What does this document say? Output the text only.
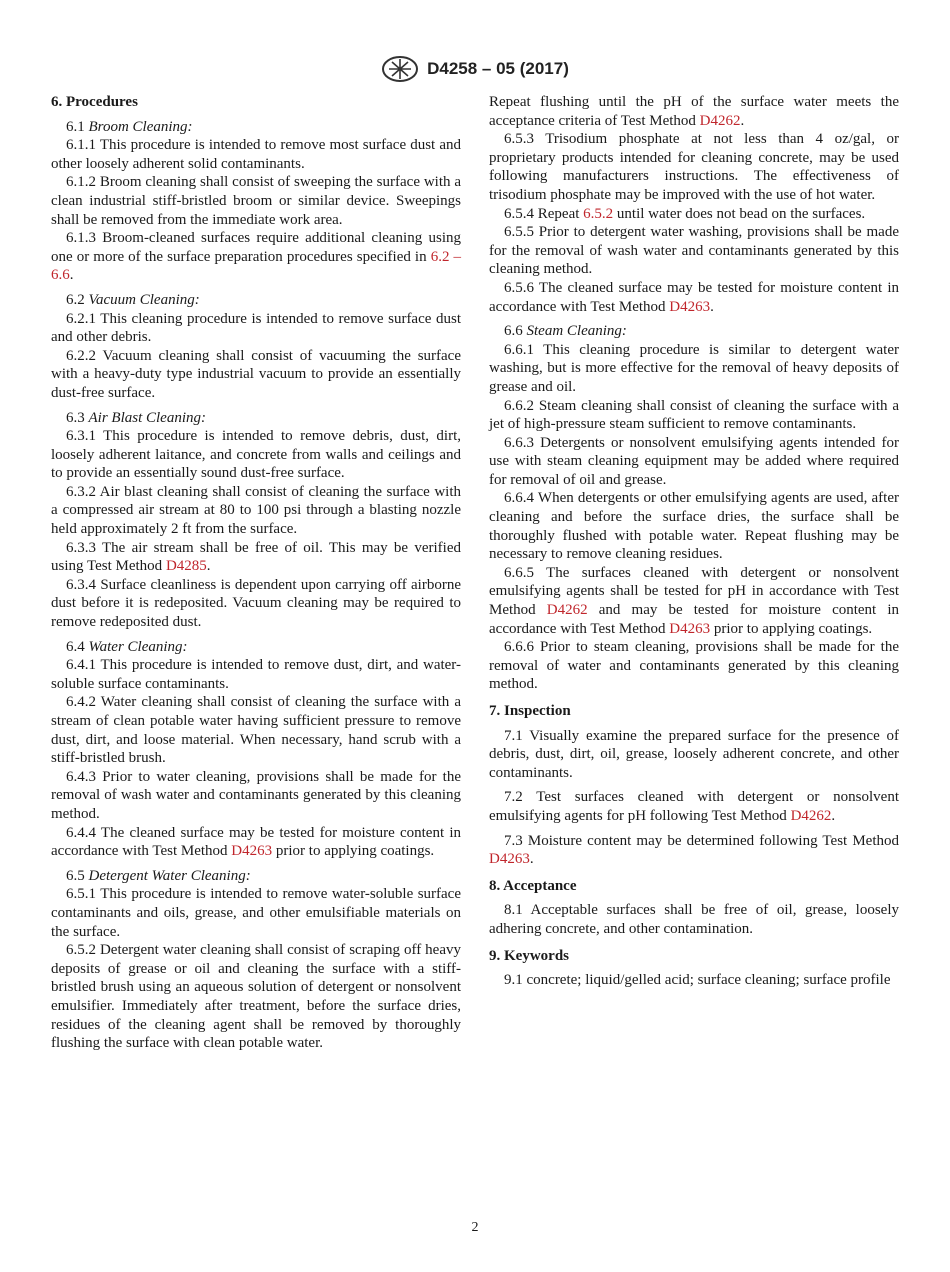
D4258 – 05 (2017)
6. Procedures

6.1 Broom Cleaning:

6.1.1 This procedure is intended to remove most surface dust and other loosely adherent solid contaminants.

6.1.2 Broom cleaning shall consist of sweeping the surface with a clean industrial stiff-bristled broom or similar device. Sweepings shall be removed from the immediate work area.

6.1.3 Broom-cleaned surfaces require additional cleaning using one or more of the surface preparation procedures specified in 6.2 – 6.6.

6.2 Vacuum Cleaning:

6.2.1 This cleaning procedure is intended to remove surface dust and other debris.

6.2.2 Vacuum cleaning shall consist of vacuuming the surface with a heavy-duty type industrial vacuum to provide an essentially dust-free surface.

6.3 Air Blast Cleaning:

6.3.1 This procedure is intended to remove debris, dust, dirt, loosely adherent laitance, and concrete from walls and ceilings and to provide an essentially sound dust-free surface.

6.3.2 Air blast cleaning shall consist of cleaning the surface with a compressed air stream at 80 to 100 psi through a blasting nozzle held approximately 2 ft from the surface.

6.3.3 The air stream shall be free of oil. This may be verified using Test Method D4285.

6.3.4 Surface cleanliness is dependent upon carrying off airborne dust before it is redeposited. Vacuum cleaning may be required to remove redeposited dust.

6.4 Water Cleaning:

6.4.1 This procedure is intended to remove dust, dirt, and water-soluble surface contaminants.

6.4.2 Water cleaning shall consist of cleaning the surface with a stream of clean potable water having sufficient pressure to remove dust, dirt, and loose material. When necessary, hand scrub with a stiff-bristled brush.

6.4.3 Prior to water cleaning, provisions shall be made for the removal of wash water and contaminants generated by this cleaning method.

6.4.4 The cleaned surface may be tested for moisture content in accordance with Test Method D4263 prior to applying coatings.

6.5 Detergent Water Cleaning:

6.5.1 This procedure is intended to remove water-soluble surface contaminants and oils, grease, and other emulsifiable materials on the surface.

6.5.2 Detergent water cleaning shall consist of scraping off heavy deposits of grease or oil and cleaning the surface with a stiff-bristled brush using an aqueous solution of detergent or nonsolvent emulsifier. Immediately after treatment, before the surface dries, residues of the cleaning agent shall be removed by thoroughly flushing the surface with clean potable water.

Repeat flushing until the pH of the surface water meets the acceptance criteria of Test Method D4262.

6.5.3 Trisodium phosphate at not less than 4 oz/gal, or proprietary products intended for cleaning concrete, may be used following manufacturers instructions. The effectiveness of trisodium phosphate may be improved with the use of hot water.

6.5.4 Repeat 6.5.2 until water does not bead on the surfaces.

6.5.5 Prior to detergent water washing, provisions shall be made for the removal of wash water and contaminants generated by this cleaning method.

6.5.6 The cleaned surface may be tested for moisture content in accordance with Test Method D4263.

6.6 Steam Cleaning:

6.6.1 This cleaning procedure is similar to detergent water washing, but is more effective for the removal of heavy deposits of grease and oil.

6.6.2 Steam cleaning shall consist of cleaning the surface with a jet of high-pressure steam sufficient to remove contaminants.

6.6.3 Detergents or nonsolvent emulsifying agents intended for use with steam cleaning equipment may be added where required for removal of oil and grease.

6.6.4 When detergents or other emulsifying agents are used, after cleaning and before the surface dries, the surface shall be thoroughly flushed with potable water. Repeat flushing may be necessary to remove cleaning residues.

6.6.5 The surfaces cleaned with detergent or nonsolvent emulsifying agents shall be tested for pH in accordance with Test Method D4262 and may be tested for moisture content in accordance with Test Method D4263 prior to applying coatings.

6.6.6 Prior to steam cleaning, provisions shall be made for the removal of water and contaminants generated by this cleaning method.

7. Inspection

7.1 Visually examine the prepared surface for the presence of debris, dust, dirt, oil, grease, loosely adherent concrete, and other contaminants.

7.2 Test surfaces cleaned with detergent or nonsolvent emulsifying agents for pH following Test Method D4262.

7.3 Moisture content may be determined following Test Method D4263.

8. Acceptance

8.1 Acceptable surfaces shall be free of oil, grease, loosely adhering concrete, and other contamination.

9. Keywords

9.1 concrete; liquid/gelled acid; surface cleaning; surface profile

2
